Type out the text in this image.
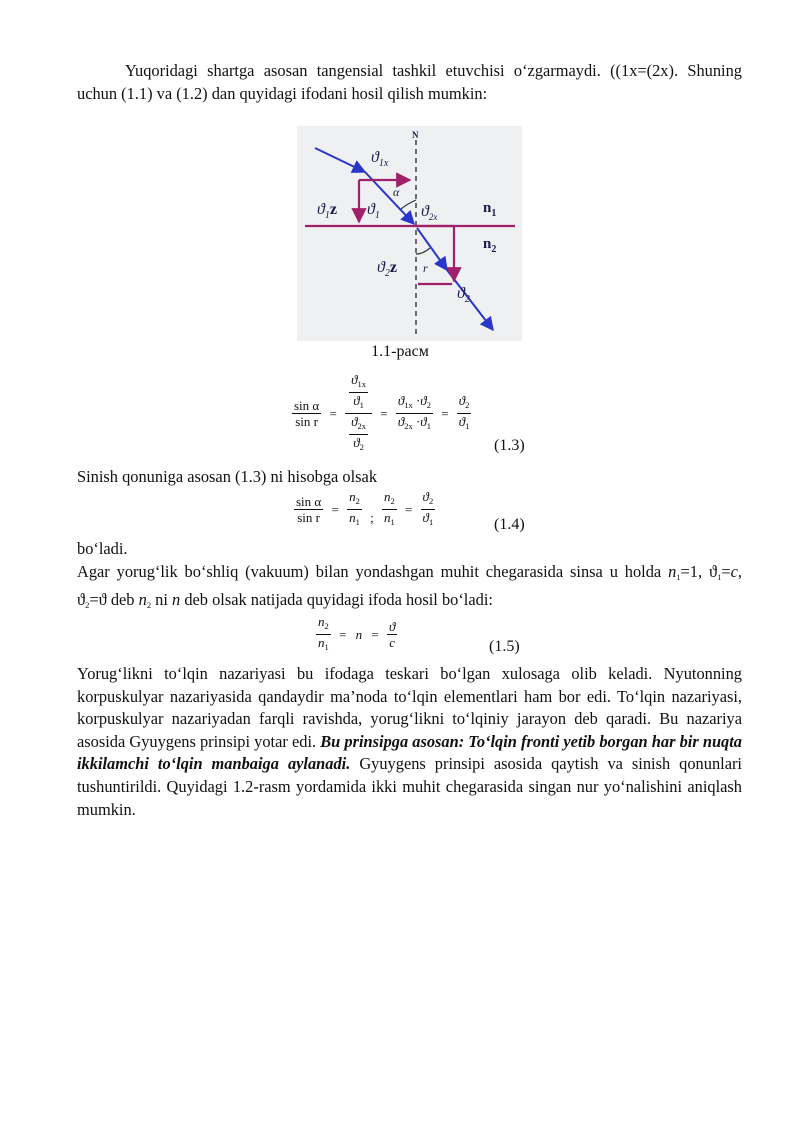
Yuqoridagi shartga asosan tangensial tashkil etuvchisi o‘zgarmaydi. ((1x=(2x). Shuning uchun (1.1) va (1.2) dan quyidagi ifodani hosil qilish mumkin:

N
$ϑ_{1x}$
α
$ϑ_1z$ $ϑ_1$	$ϑ_{2x}$
$n_1$
$n_2$
$ϑ_2z$ r
$ϑ_2$
1.1-расм
$\frac{\text{sin α}}{\text{sin r}} = \frac{\frac{ϑ_{1x}}{ϑ_1}}{\frac{ϑ_{2x}}{ϑ_2}} = \frac{ϑ_{1x} \cdot ϑ_2}{ϑ_{2x} \cdot ϑ_1} = \frac{ϑ_2}{ϑ_1}$
(1.3)

Sinish qonuniga asosan (1.3) ni hisobga olsak

$\frac{\text{sin α}}{\text{sin r}} = \frac{n_2}{n_1}$ ; $\frac{n_2}{n_1} = \frac{ϑ_2}{ϑ_1}$	(1.4)

bo‘ladi.

Agar yorug‘lik bo‘shliq (vakuum) bilan yondashgan muhit chegarasida sinsa u holda $n_1=1$, $ϑ_1=c$, $ϑ_2=ϑ$ deb $n_2$ ni n deb olsak natijada quyidagi ifoda hosil bo‘ladi:

$\frac{n_2}{n_1} = n = \frac{ϑ}{c}$	(1.5)

Yorug‘likni to‘lqin nazariyasi bu ifodaga teskari bo‘lgan xulosaga olib keladi. Nyutonning korpuskulyar nazariyasida qandaydir ma’noda to‘lqin elementlari ham bor edi. To‘lqin nazariyasi, korpuskulyar nazariyadan farqli ravishda, yorug‘likni to‘lqiniy jarayon deb qaradi. Bu nazariya asosida Gyuygens prinsipi yotar edi. Bu prinsipga asosan: To‘lqin fronti yetib borgan har bir nuqta ikkilamchi to‘lqin manbaiga aylanadi. Gyuygens prinsipi asosida qaytish va sinish qonunlari tushuntirildi. Quyidagi 1.2-rasm yordamida ikki muhit chegarasida singan nur yo‘nalishini aniqlash mumkin.
